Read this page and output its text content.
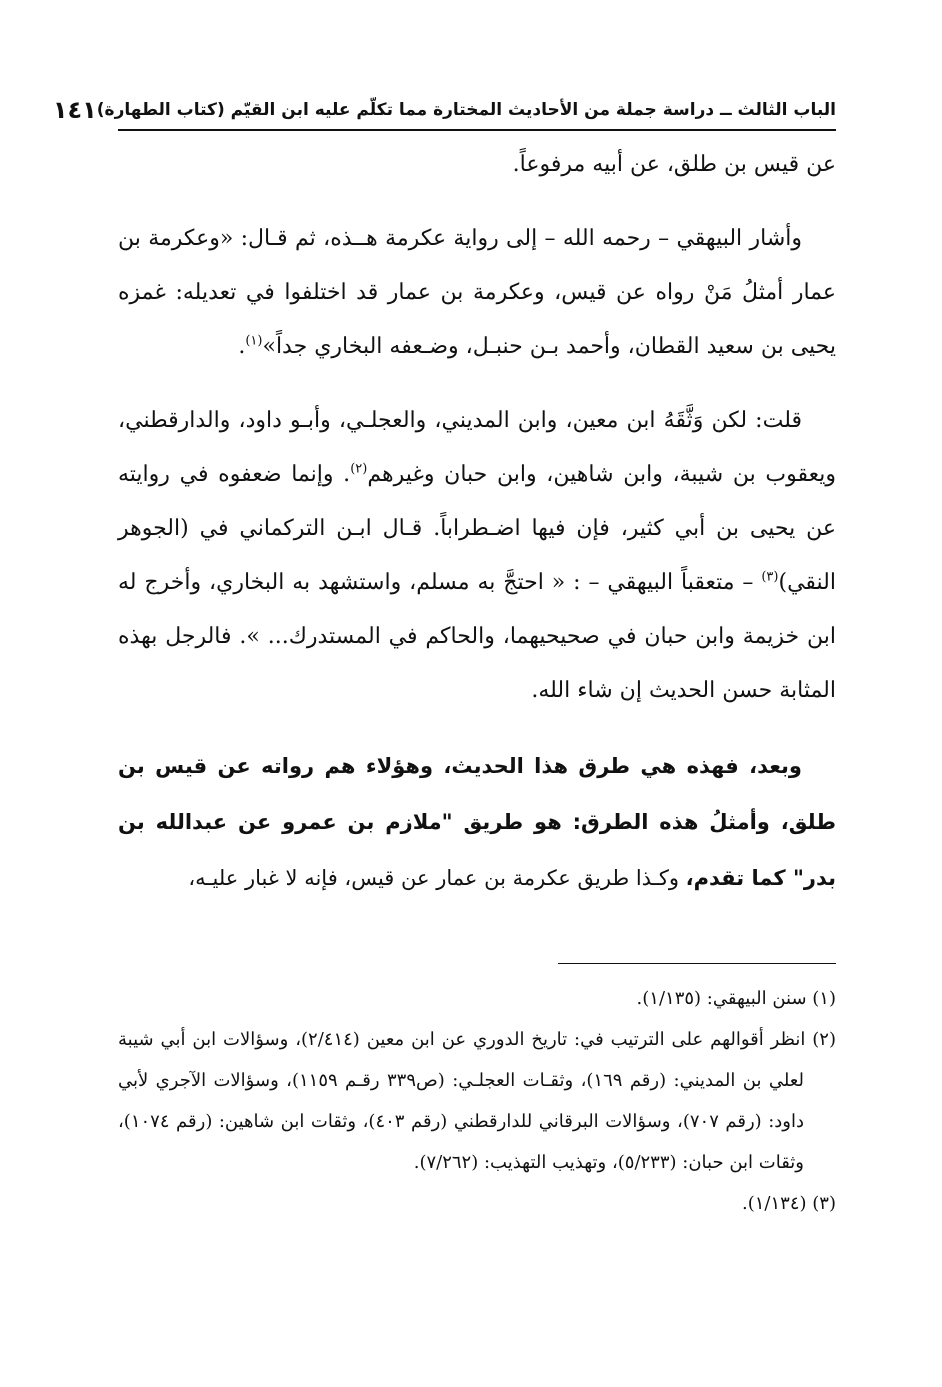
الباب الثالث ــ دراسة جملة من الأحاديث المختارة مما تكلّم عليه ابن القيّم (كتاب الطهارة)
١٤١

عن قيس بن طلق، عن أبيه مرفوعاً.

وأشار البيهقي – رحمه الله – إلى رواية عكرمة هــذه، ثم قـال: «وعكرمة بن عمار أمثلُ مَنْ رواه عن قيس، وعكرمة بن عمار قد اختلفوا في تعديله: غمزه يحيى بن سعيد القطان، وأحمد بـن حنبـل، وضـعفه البخاري جداً»$^{(١)}$.

قلت: لكن وَثَّقَهُ ابن معين، وابن المديني، والعجلـي، وأبـو داود، والدارقطني، ويعقوب بن شيبة، وابن شاهين، وابن حبان وغيرهم$^{(٢)}$. وإنما ضعفوه في روايته عن يحيى بن أبي كثير، فإن فيها اضـطراباً. قـال ابـن التركماني في (الجوهر النقي)$^{(٣)}$ – متعقباً البيهقي – : « احتجَّ به مسلم، واستشهد به البخاري، وأخرج له ابن خزيمة وابن حبان في صحيحيهما، والحاكم في المستدرك... ». فالرجل بهذه المثابة حسن الحديث إن شاء الله.

وبعد، فهذه هي طرق هذا الحديث، وهؤلاء هم رواته عن قيس بن طلق، وأمثلُ هذه الطرق: هو طريق "ملازم بن عمرو عن عبدالله بن بدر" كما تقدم، وكـذا طريق عكرمة بن عمار عن قيس، فإنه لا غبار عليـه،

(١) سنن البيهقي: (١/١٣٥).

(٢) انظر أقوالهم على الترتيب في: تاريخ الدوري عن ابن معين (٢/٤١٤)، وسؤالات ابن أبي شيبة لعلي بن المديني: (رقم ١٦٩)، وثقـات العجلـي: (ص٣٣٩ رقـم ١١٥٩)، وسؤالات الآجري لأبي داود: (رقم ٧٠٧)، وسؤالات البرقاني للدارقطني (رقم ٤٠٣)، وثقات ابن شاهين: (رقم ١٠٧٤)، وثقات ابن حبان: (٥/٢٣٣)، وتهذيب التهذيب: (٧/٢٦٢).

(٣) (١/١٣٤).
